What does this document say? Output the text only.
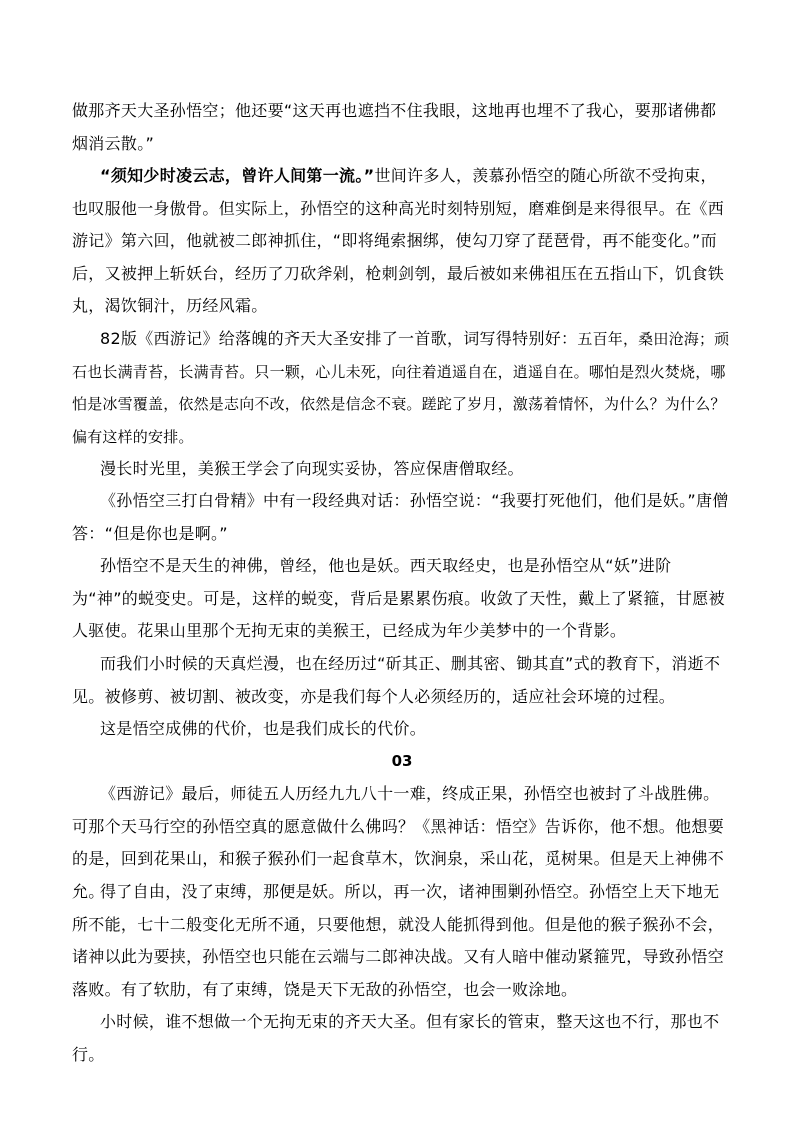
做那齐天大圣孙悟空；他还要“这天再也遮挡不住我眼，这地再也埋不了我心，要那诸佛都烟消云散。”

“须知少时凌云志，曾许人间第一流。”世间许多人，羡慕孙悟空的随心所欲不受拘束，也叹服他一身傲骨。但实际上，孙悟空的这种高光时刻特别短，磨难倒是来得很早。在《西游记》第六回，他就被二郎神抓住，“即将绳索捆绑，使勾刀穿了琵琶骨，再不能变化。”而后，又被押上斩妖台，经历了刀砍斧剁，枪刺剑刳，最后被如来佛祖压在五指山下，饥食铁丸，渴饮铜汁，历经风霜。

82版《西游记》给落魄的齐天大圣安排了一首歌，词写得特别好：五百年，桑田沧海；顽石也长满青苔，长满青苔。只一颗，心儿未死，向往着逍遥自在，逍遥自在。哪怕是烈火焚烧，哪怕是冰雪覆盖，依然是志向不改，依然是信念不衰。蹉跎了岁月，激荡着情怀，为什么？为什么？偏有这样的安排。

漫长时光里，美猴王学会了向现实妥协，答应保唐僧取经。

《孙悟空三打白骨精》中有一段经典对话：孙悟空说：“我要打死他们，他们是妖。”唐僧答：“但是你也是啊。”

孙悟空不是天生的神佛，曾经，他也是妖。西天取经史，也是孙悟空从“妖”进阶为“神”的蜕变史。可是，这样的蜕变，背后是累累伤痕。收敛了天性，戴上了紧箍，甘愿被人驱使。花果山里那个无拘无束的美猴王，已经成为年少美梦中的一个背影。

而我们小时候的天真烂漫，也在经历过“斫其正、删其密、锄其直”式的教育下，消逝不见。被修剪、被切割、被改变，亦是我们每个人必须经历的，适应社会环境的过程。

这是悟空成佛的代价，也是我们成长的代价。

03

《西游记》最后，师徒五人历经九九八十一难，终成正果，孙悟空也被封了斗战胜佛。可那个天马行空的孙悟空真的愿意做什么佛吗？《黑神话：悟空》告诉你，他不想。他想要的是，回到花果山，和猴子猴孙们一起食草木，饮涧泉，采山花，觅树果。但是天上神佛不允。

得了自由，没了束缚，那便是妖。所以，再一次，诸神围剿孙悟空。孙悟空上天下地无所不能，七十二般变化无所不通，只要他想，就没人能抓得到他。但是他的猴子猴孙不会，诸神以此为要挟，孙悟空也只能在云端与二郎神决战。又有人暗中催动紧箍咒，导致孙悟空落败。有了软肋，有了束缚，饶是天下无敌的孙悟空，也会一败涂地。

小时候，谁不想做一个无拘无束的齐天大圣。但有家长的管束，整天这也不行，那也不行。
